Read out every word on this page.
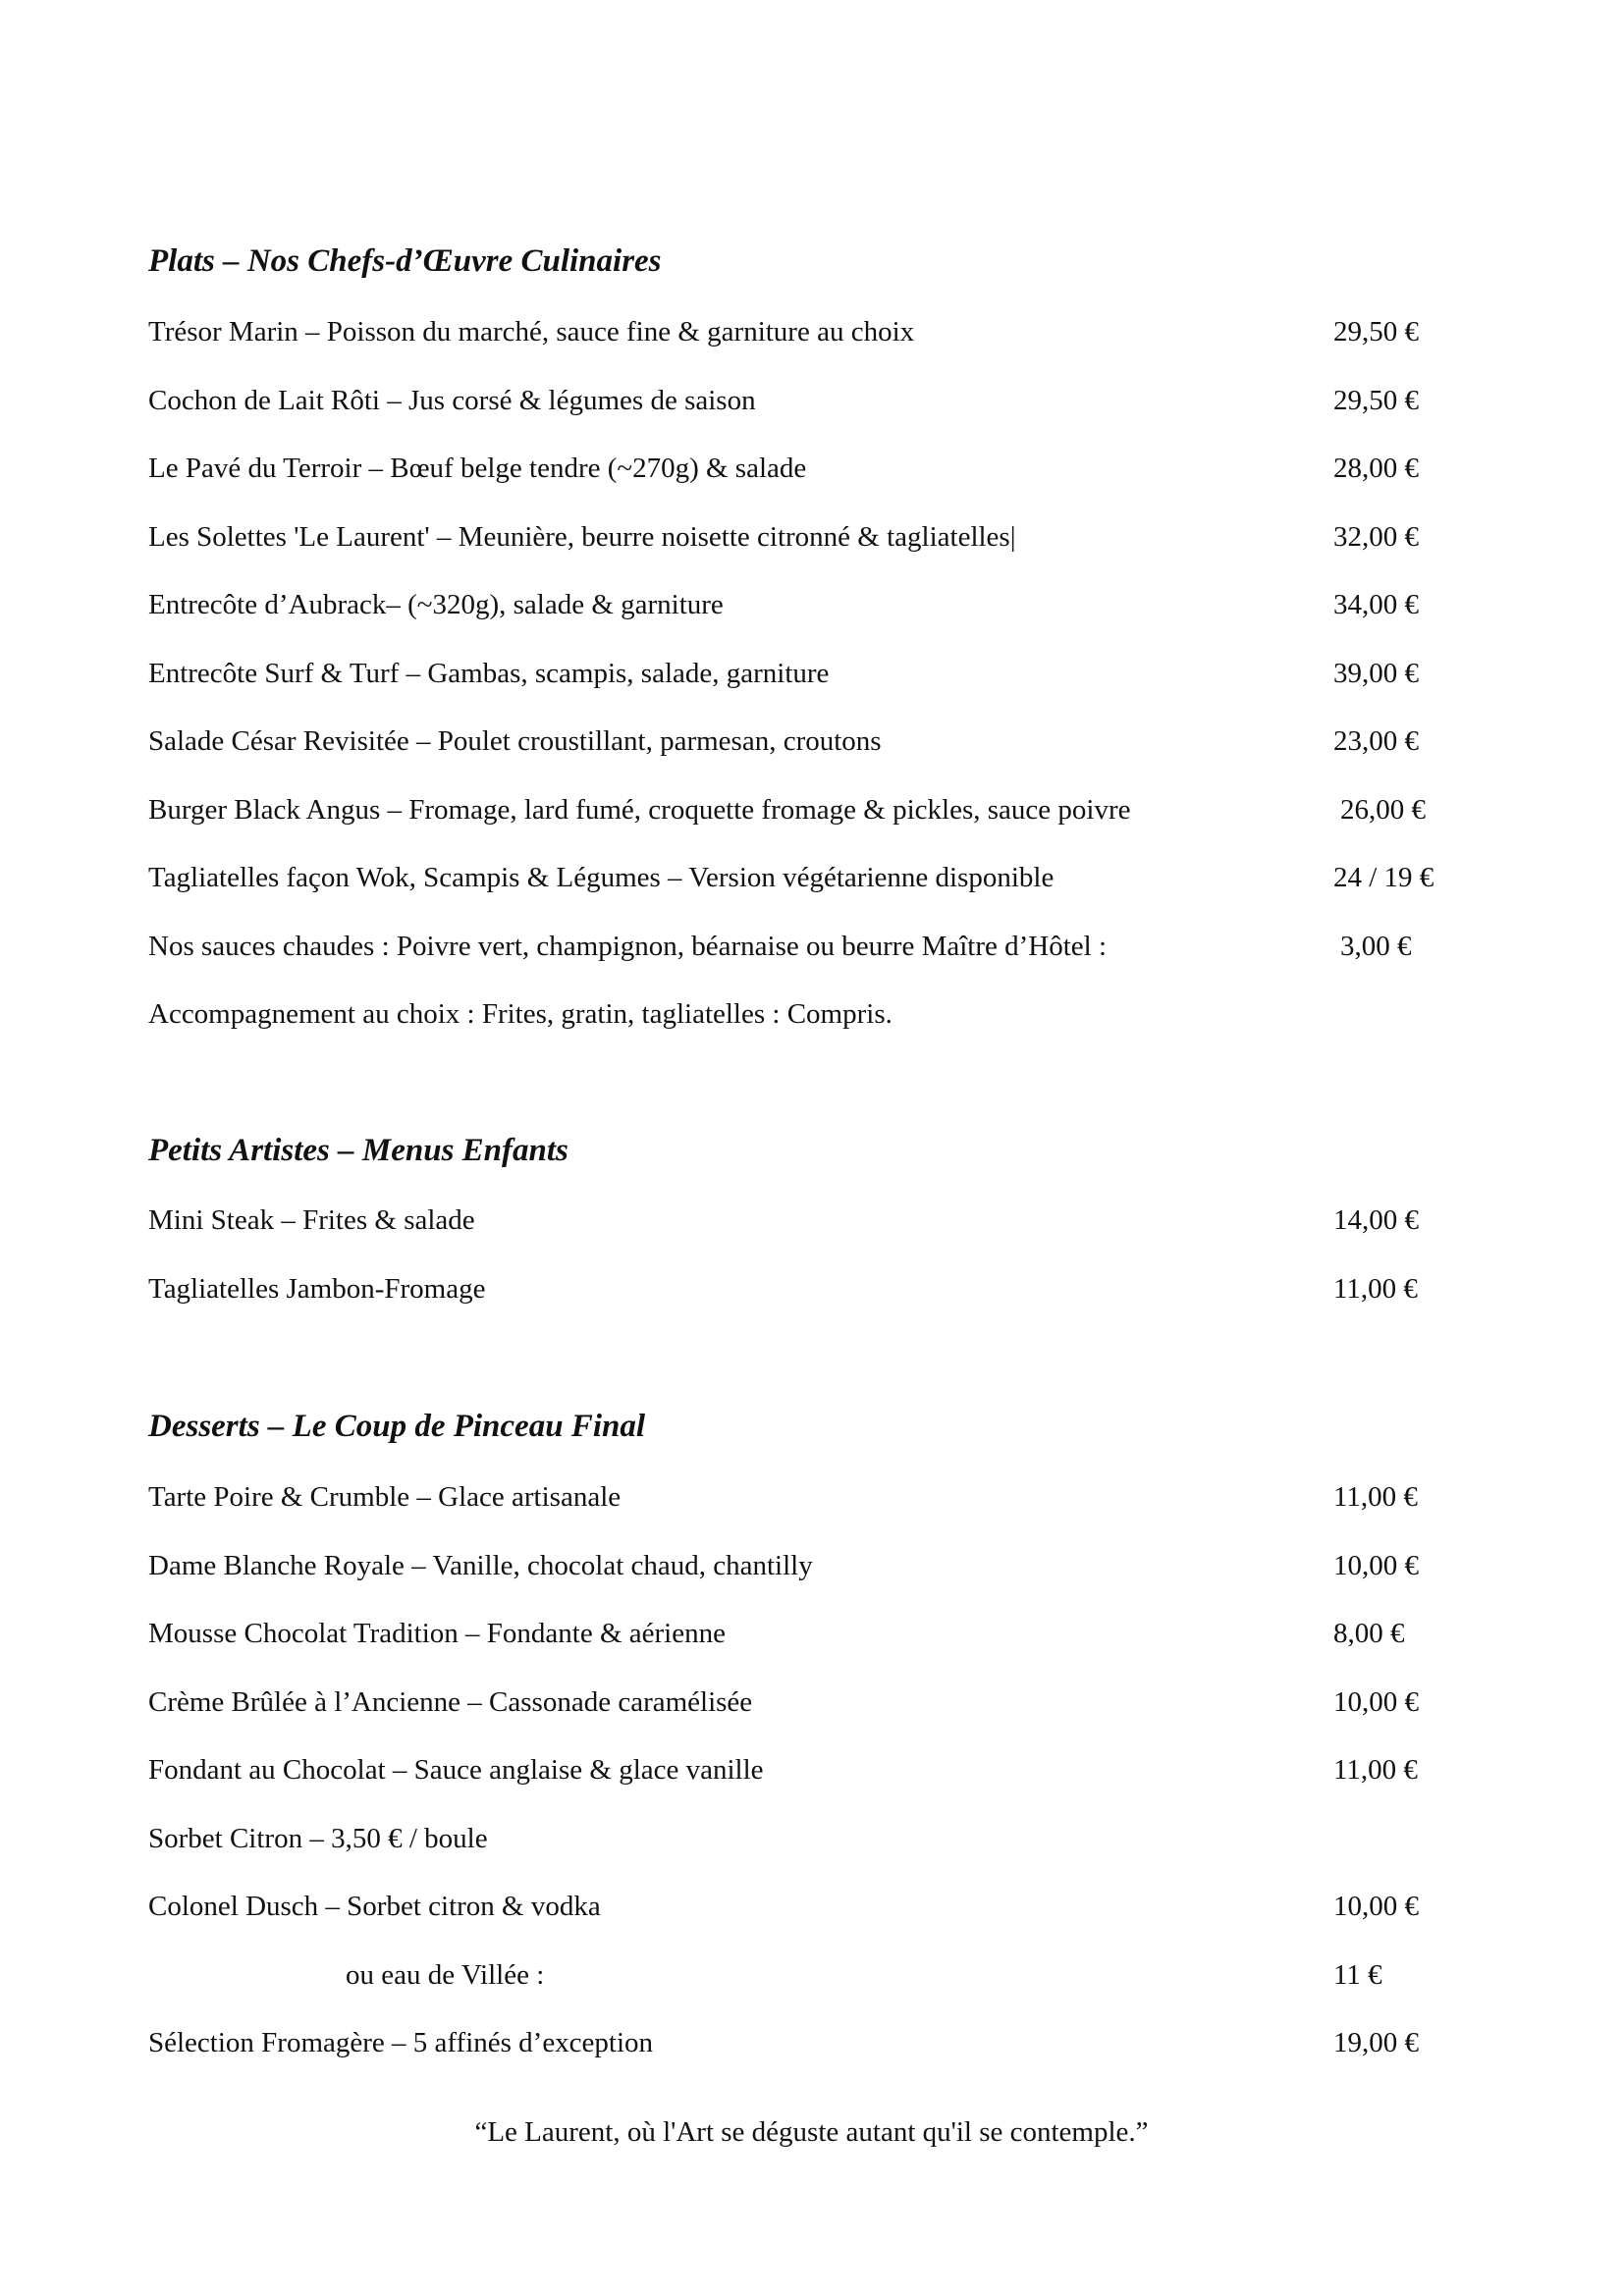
Plats – Nos Chefs-d’Œuvre Culinaires
Trésor Marin – Poisson du marché, sauce fine & garniture au choix	29,50 €
Cochon de Lait Rôti – Jus corsé & légumes de saison	29,50 €
Le Pavé du Terroir – Bœuf belge tendre (~270g) & salade	28,00 €
Les Solettes 'Le Laurent' – Meunière, beurre noisette citronné & tagliatelles|	32,00 €
Entrecôte d’Aubrack– (~320g), salade & garniture	34,00 €
Entrecôte Surf & Turf – Gambas, scampis, salade, garniture	39,00 €
Salade César Revisitée – Poulet croustillant, parmesan, croutons	23,00 €
Burger Black Angus – Fromage, lard fumé, croquette fromage & pickles, sauce poivre	26,00 €
Tagliatelles façon Wok, Scampis & Légumes – Version végétarienne disponible	24 / 19 €
Nos sauces chaudes : Poivre vert, champignon, béarnaise ou beurre Maître d’Hôtel :	3,00 €
Accompagnement au choix : Frites, gratin, tagliatelles : Compris.
Petits Artistes – Menus Enfants
Mini Steak – Frites & salade	14,00 €
Tagliatelles Jambon-Fromage	11,00 €
Desserts – Le Coup de Pinceau Final
Tarte Poire & Crumble – Glace artisanale	11,00 €
Dame Blanche Royale – Vanille, chocolat chaud, chantilly	10,00 €
Mousse Chocolat Tradition – Fondante & aérienne	8,00 €
Crème Brûlée à l’Ancienne – Cassonade caramélisée	10,00 €
Fondant au Chocolat – Sauce anglaise & glace vanille	11,00 €
Sorbet Citron – 3,50 € / boule
Colonel Dusch – Sorbet citron & vodka	10,00 €
ou eau de Villée :	11 €
Sélection Fromagère – 5 affinés d’exception	19,00 €

“Le Laurent, où l'Art se déguste autant qu'il se contemple.”
